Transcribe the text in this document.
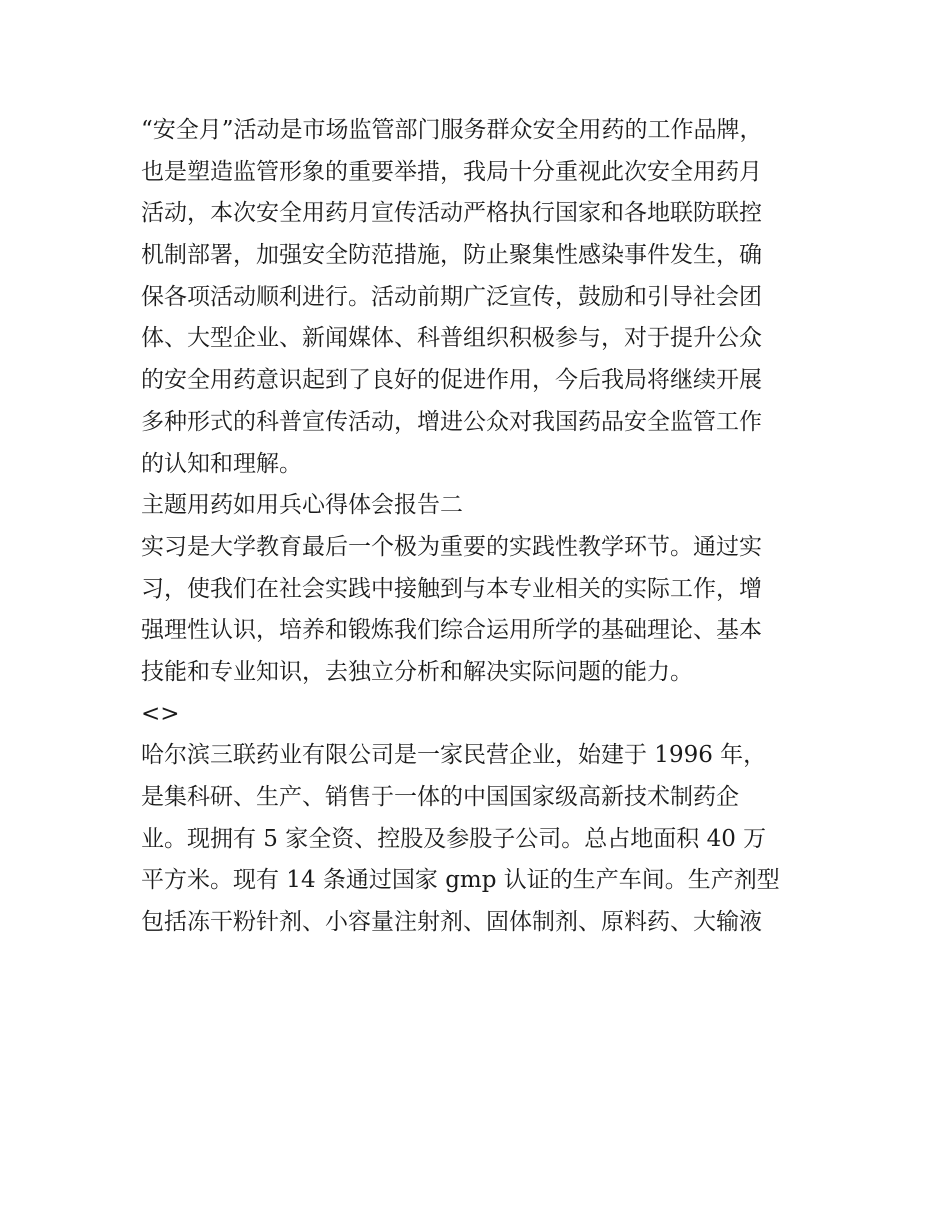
“安全月”活动是市场监管部门服务群众安全用药的工作品牌，
也是塑造监管形象的重要举措，我局十分重视此次安全用药月
活动，本次安全用药月宣传活动严格执行国家和各地联防联控
机制部署，加强安全防范措施，防止聚集性感染事件发生，确
保各项活动顺利进行。活动前期广泛宣传，鼓励和引导社会团
体、大型企业、新闻媒体、科普组织积极参与，对于提升公众
的安全用药意识起到了良好的促进作用，今后我局将继续开展
多种形式的科普宣传活动，增进公众对我国药品安全监管工作
的认知和理解。
主题用药如用兵心得体会报告二
实习是大学教育最后一个极为重要的实践性教学环节。通过实
习，使我们在社会实践中接触到与本专业相关的实际工作，增
强理性认识，培养和锻炼我们综合运用所学的基础理论、基本
技能和专业知识，去独立分析和解决实际问题的能力。
<>
哈尔滨三联药业有限公司是一家民营企业，始建于 1996 年，
是集科研、生产、销售于一体的中国国家级高新技术制药企
业。现拥有 5 家全资、控股及参股子公司。总占地面积 40 万
平方米。现有 14 条通过国家 gmp 认证的生产车间。生产剂型
包括冻干粉针剂、小容量注射剂、固体制剂、原料药、大输液
